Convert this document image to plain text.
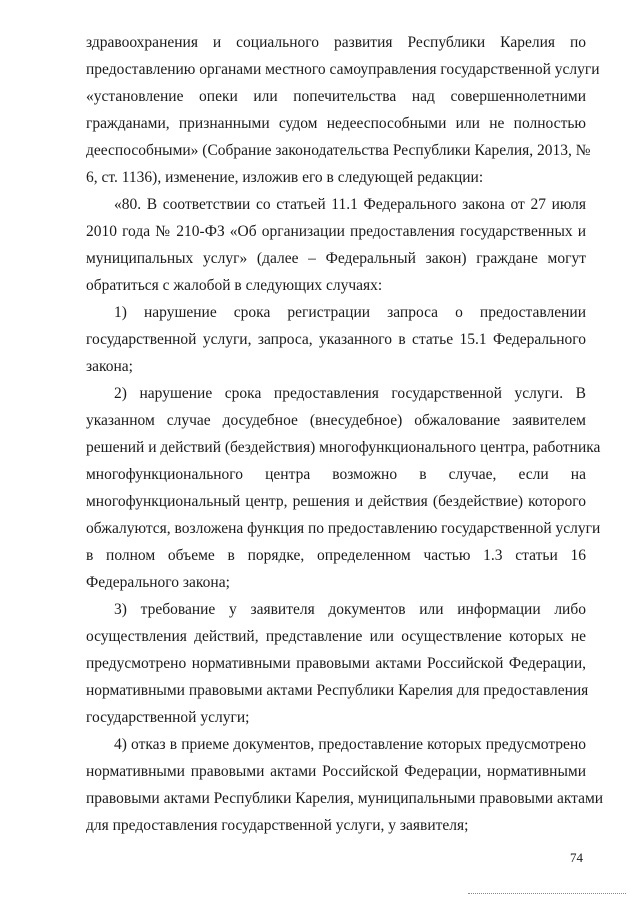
здравоохранения и социального развития Республики Карелия по
предоставлению органами местного самоуправления государственной услуги
«установление опеки или попечительства над совершеннолетними
гражданами, признанными судом недееспособными или не полностью
дееспособными» (Собрание законодательства Республики Карелия, 2013, №
6, ст. 1136), изменение, изложив его в следующей редакции:
«80. В соответствии со статьей 11.1 Федерального закона от 27 июля
2010 года № 210-ФЗ «Об организации предоставления государственных и
муниципальных услуг» (далее – Федеральный закон) граждане могут
обратиться с жалобой в следующих случаях:
1) нарушение срока регистрации запроса о предоставлении
государственной услуги, запроса, указанного в статье 15.1 Федерального
закона;
2) нарушение срока предоставления государственной услуги. В
указанном случае досудебное (внесудебное) обжалование заявителем
решений и действий (бездействия) многофункционального центра, работника
многофункционального центра возможно в случае, если на
многофункциональный центр, решения и действия (бездействие) которого
обжалуются, возложена функция по предоставлению государственной услуги
в полном объеме в порядке, определенном частью 1.3 статьи 16
Федерального закона;
3) требование у заявителя документов или информации либо
осуществления действий, представление или осуществление которых не
предусмотрено нормативными правовыми актами Российской Федерации,
нормативными правовыми актами Республики Карелия для предоставления
государственной услуги;
4) отказ в приеме документов, предоставление которых предусмотрено
нормативными правовыми актами Российской Федерации, нормативными
правовыми актами Республики Карелия, муниципальными правовыми актами
для предоставления государственной услуги, у заявителя;
74
